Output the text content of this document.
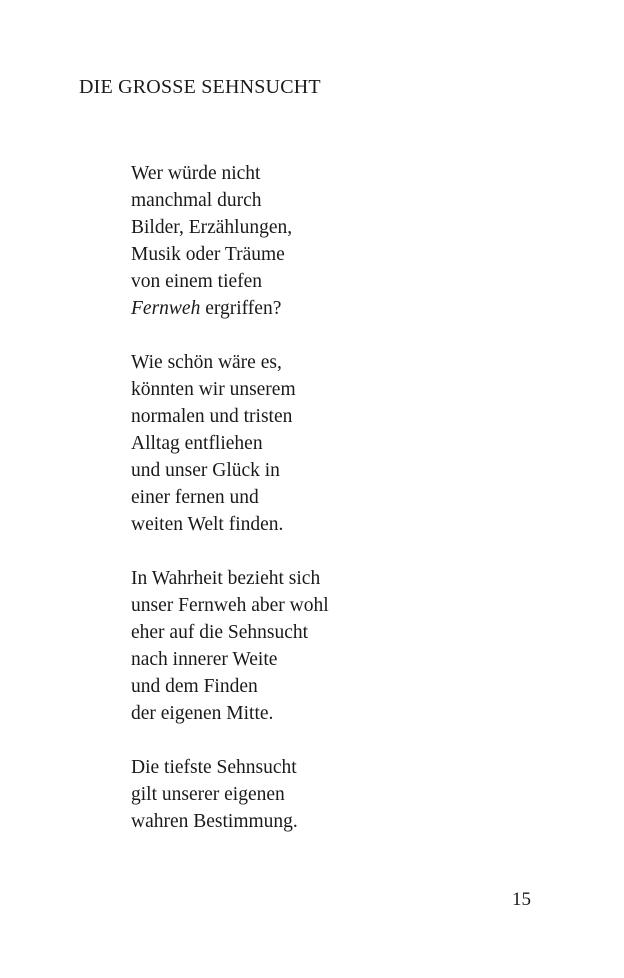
DIE GROSSE SEHNSUCHT
Wer würde nicht
manchmal durch
Bilder, Erzählungen,
Musik oder Träume
von einem tiefen
Fernweh ergriffen?
Wie schön wäre es,
könnten wir unserem
normalen und tristen
Alltag entfliehen
und unser Glück in
einer fernen und
weiten Welt finden.
In Wahrheit bezieht sich
unser Fernweh aber wohl
eher auf die Sehnsucht
nach innerer Weite
und dem Finden
der eigenen Mitte.
Die tiefste Sehnsucht
gilt unserer eigenen
wahren Bestimmung.
15
